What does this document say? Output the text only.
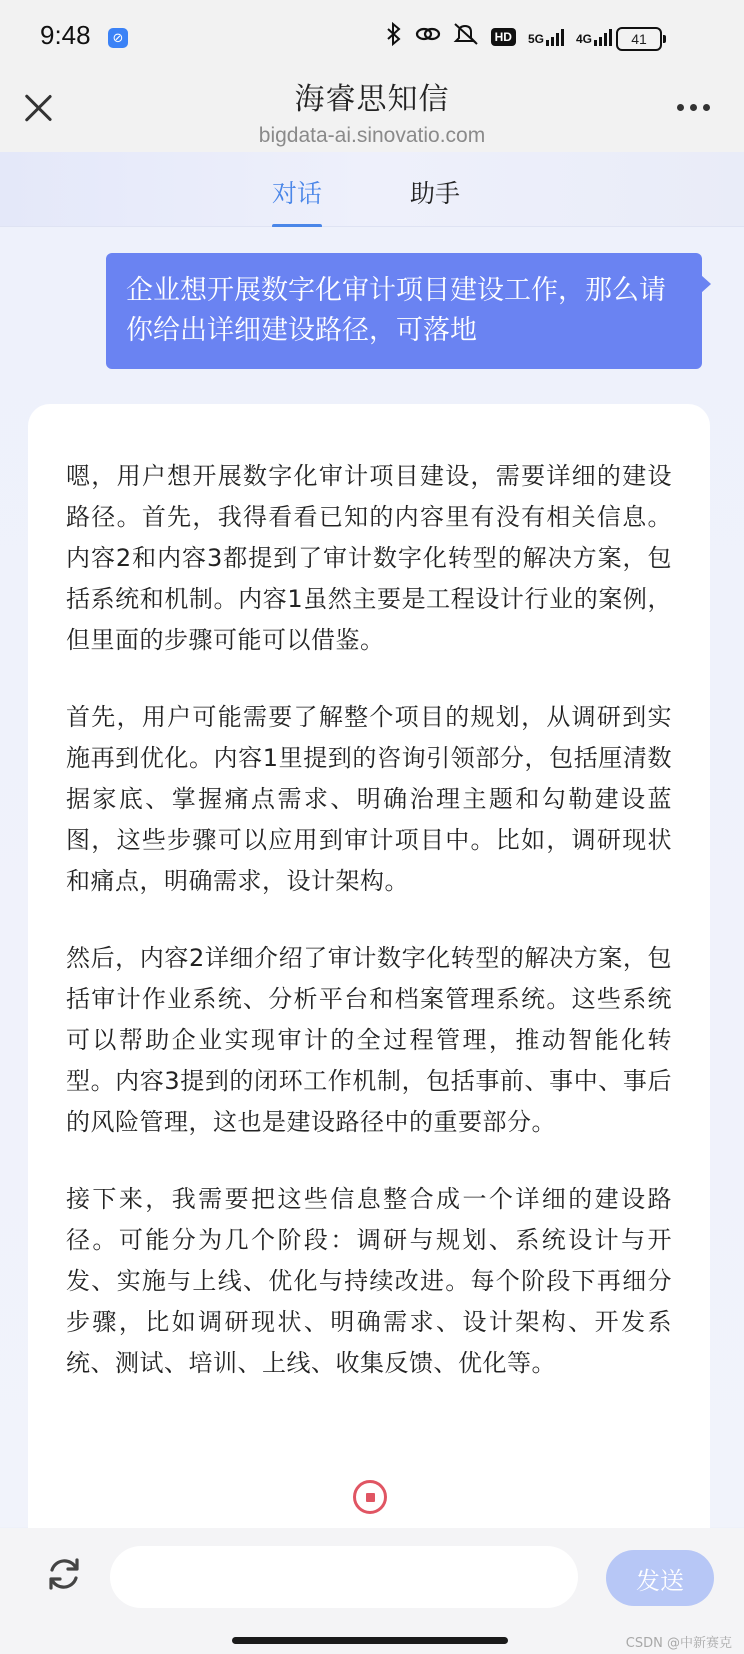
9:48	⊘	HD	5G	4G	41
海睿思知信
bigdata-ai.sinovatio.com
对话	助手
企业想开展数字化审计项目建设工作，那么请你给出详细建设路径，可落地

嗯，用户想开展数字化审计项目建设，需要详细的建设路径。首先，我得看看已知的内容里有没有相关信息。内容2和内容3都提到了审计数字化转型的解决方案，包括系统和机制。内容1虽然主要是工程设计行业的案例，但里面的步骤可能可以借鉴。

首先，用户可能需要了解整个项目的规划，从调研到实施再到优化。内容1里提到的咨询引领部分，包括厘清数据家底、掌握痛点需求、明确治理主题和勾勒建设蓝图，这些步骤可以应用到审计项目中。比如，调研现状和痛点，明确需求，设计架构。

然后，内容2详细介绍了审计数字化转型的解决方案，包括审计作业系统、分析平台和档案管理系统。这些系统可以帮助企业实现审计的全过程管理，推动智能化转型。内容3提到的闭环工作机制，包括事前、事中、事后的风险管理，这也是建设路径中的重要部分。

接下来，我需要把这些信息整合成一个详细的建设路径。可能分为几个阶段：调研与规划、系统设计与开发、实施与上线、优化与持续改进。每个阶段下再细分步骤，比如调研现状、明确需求、设计架构、开发系统、测试、培训、上线、收集反馈、优化等。

发送
CSDN @中新赛克
